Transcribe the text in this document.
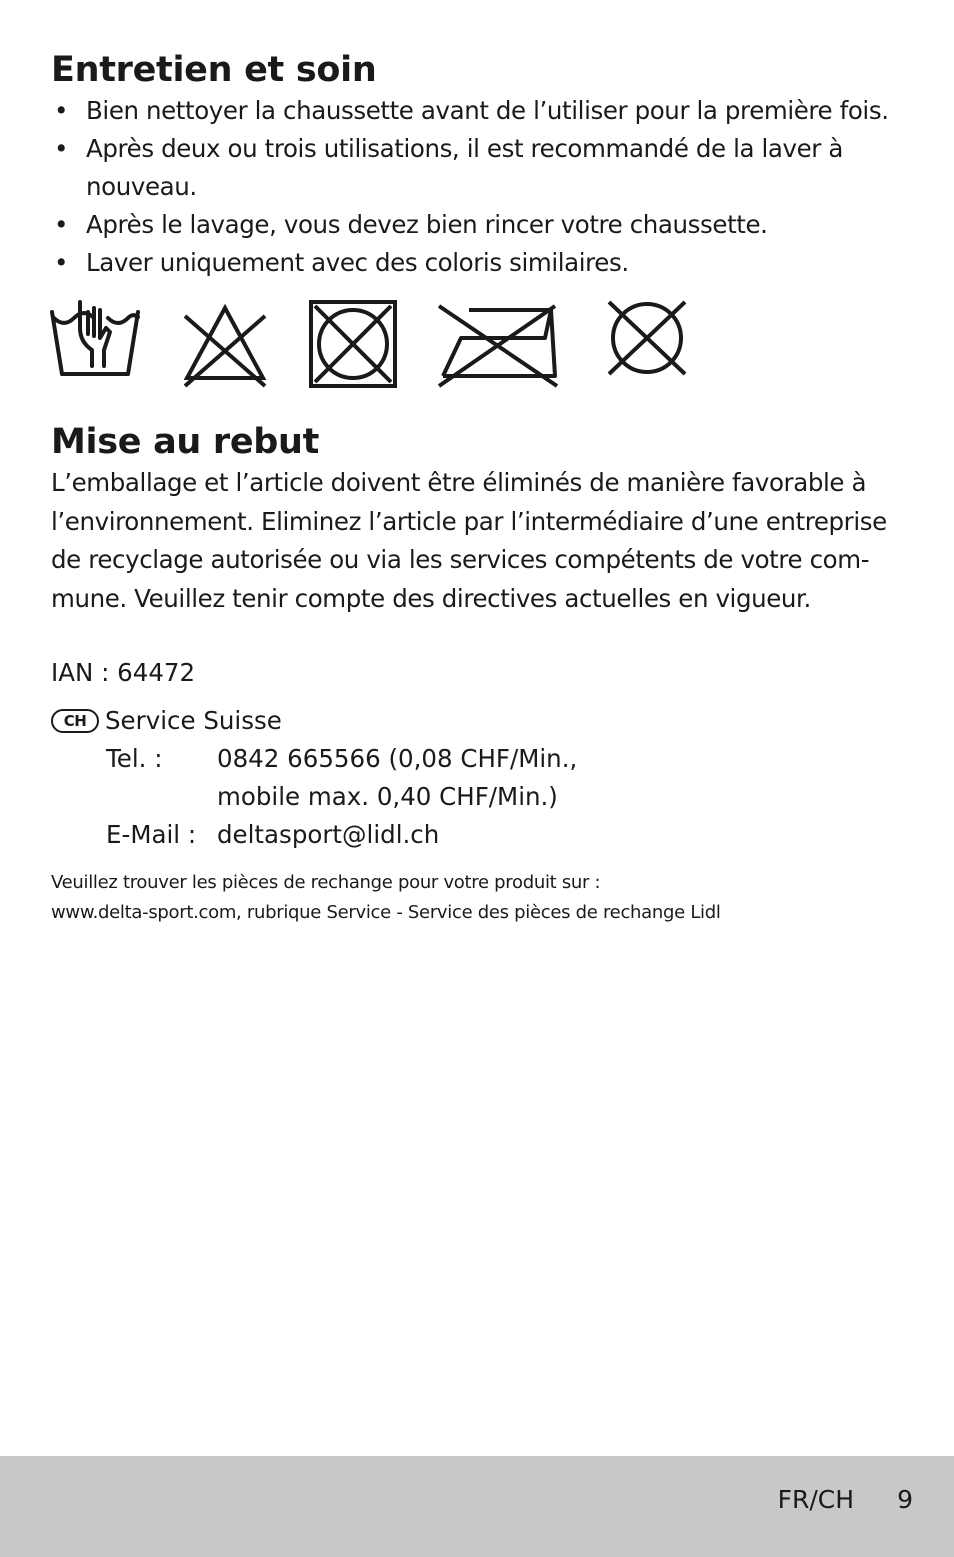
Entretien et soin
• Bien nettoyer la chaussette avant de l’utiliser pour la première fois.
• Après deux ou trois utilisations, il est recommandé de la laver à nouveau.
• Après le lavage, vous devez bien rincer votre chaussette.
• Laver uniquement avec des coloris similaires.
Mise au rebut

L’emballage et l’article doivent être éliminés de manière favorable à l’environnement. Eliminez l’article par l’intermédiaire d’une entreprise de recyclage autorisée ou via les services compétents de votre com-mune. Veuillez tenir compte des directives actuelles en vigueur.

IAN : 64472
CH Service Suisse
Tel. :	0842 665566 (0,08 CHF/Min.,
mobile max. 0,40 CHF/Min.)
E-Mail : deltasport@lidl.ch
Veuillez trouver les pièces de rechange pour votre produit sur :
www.delta-sport.com, rubrique Service - Service des pièces de rechange Lidl
FR/CH 9
